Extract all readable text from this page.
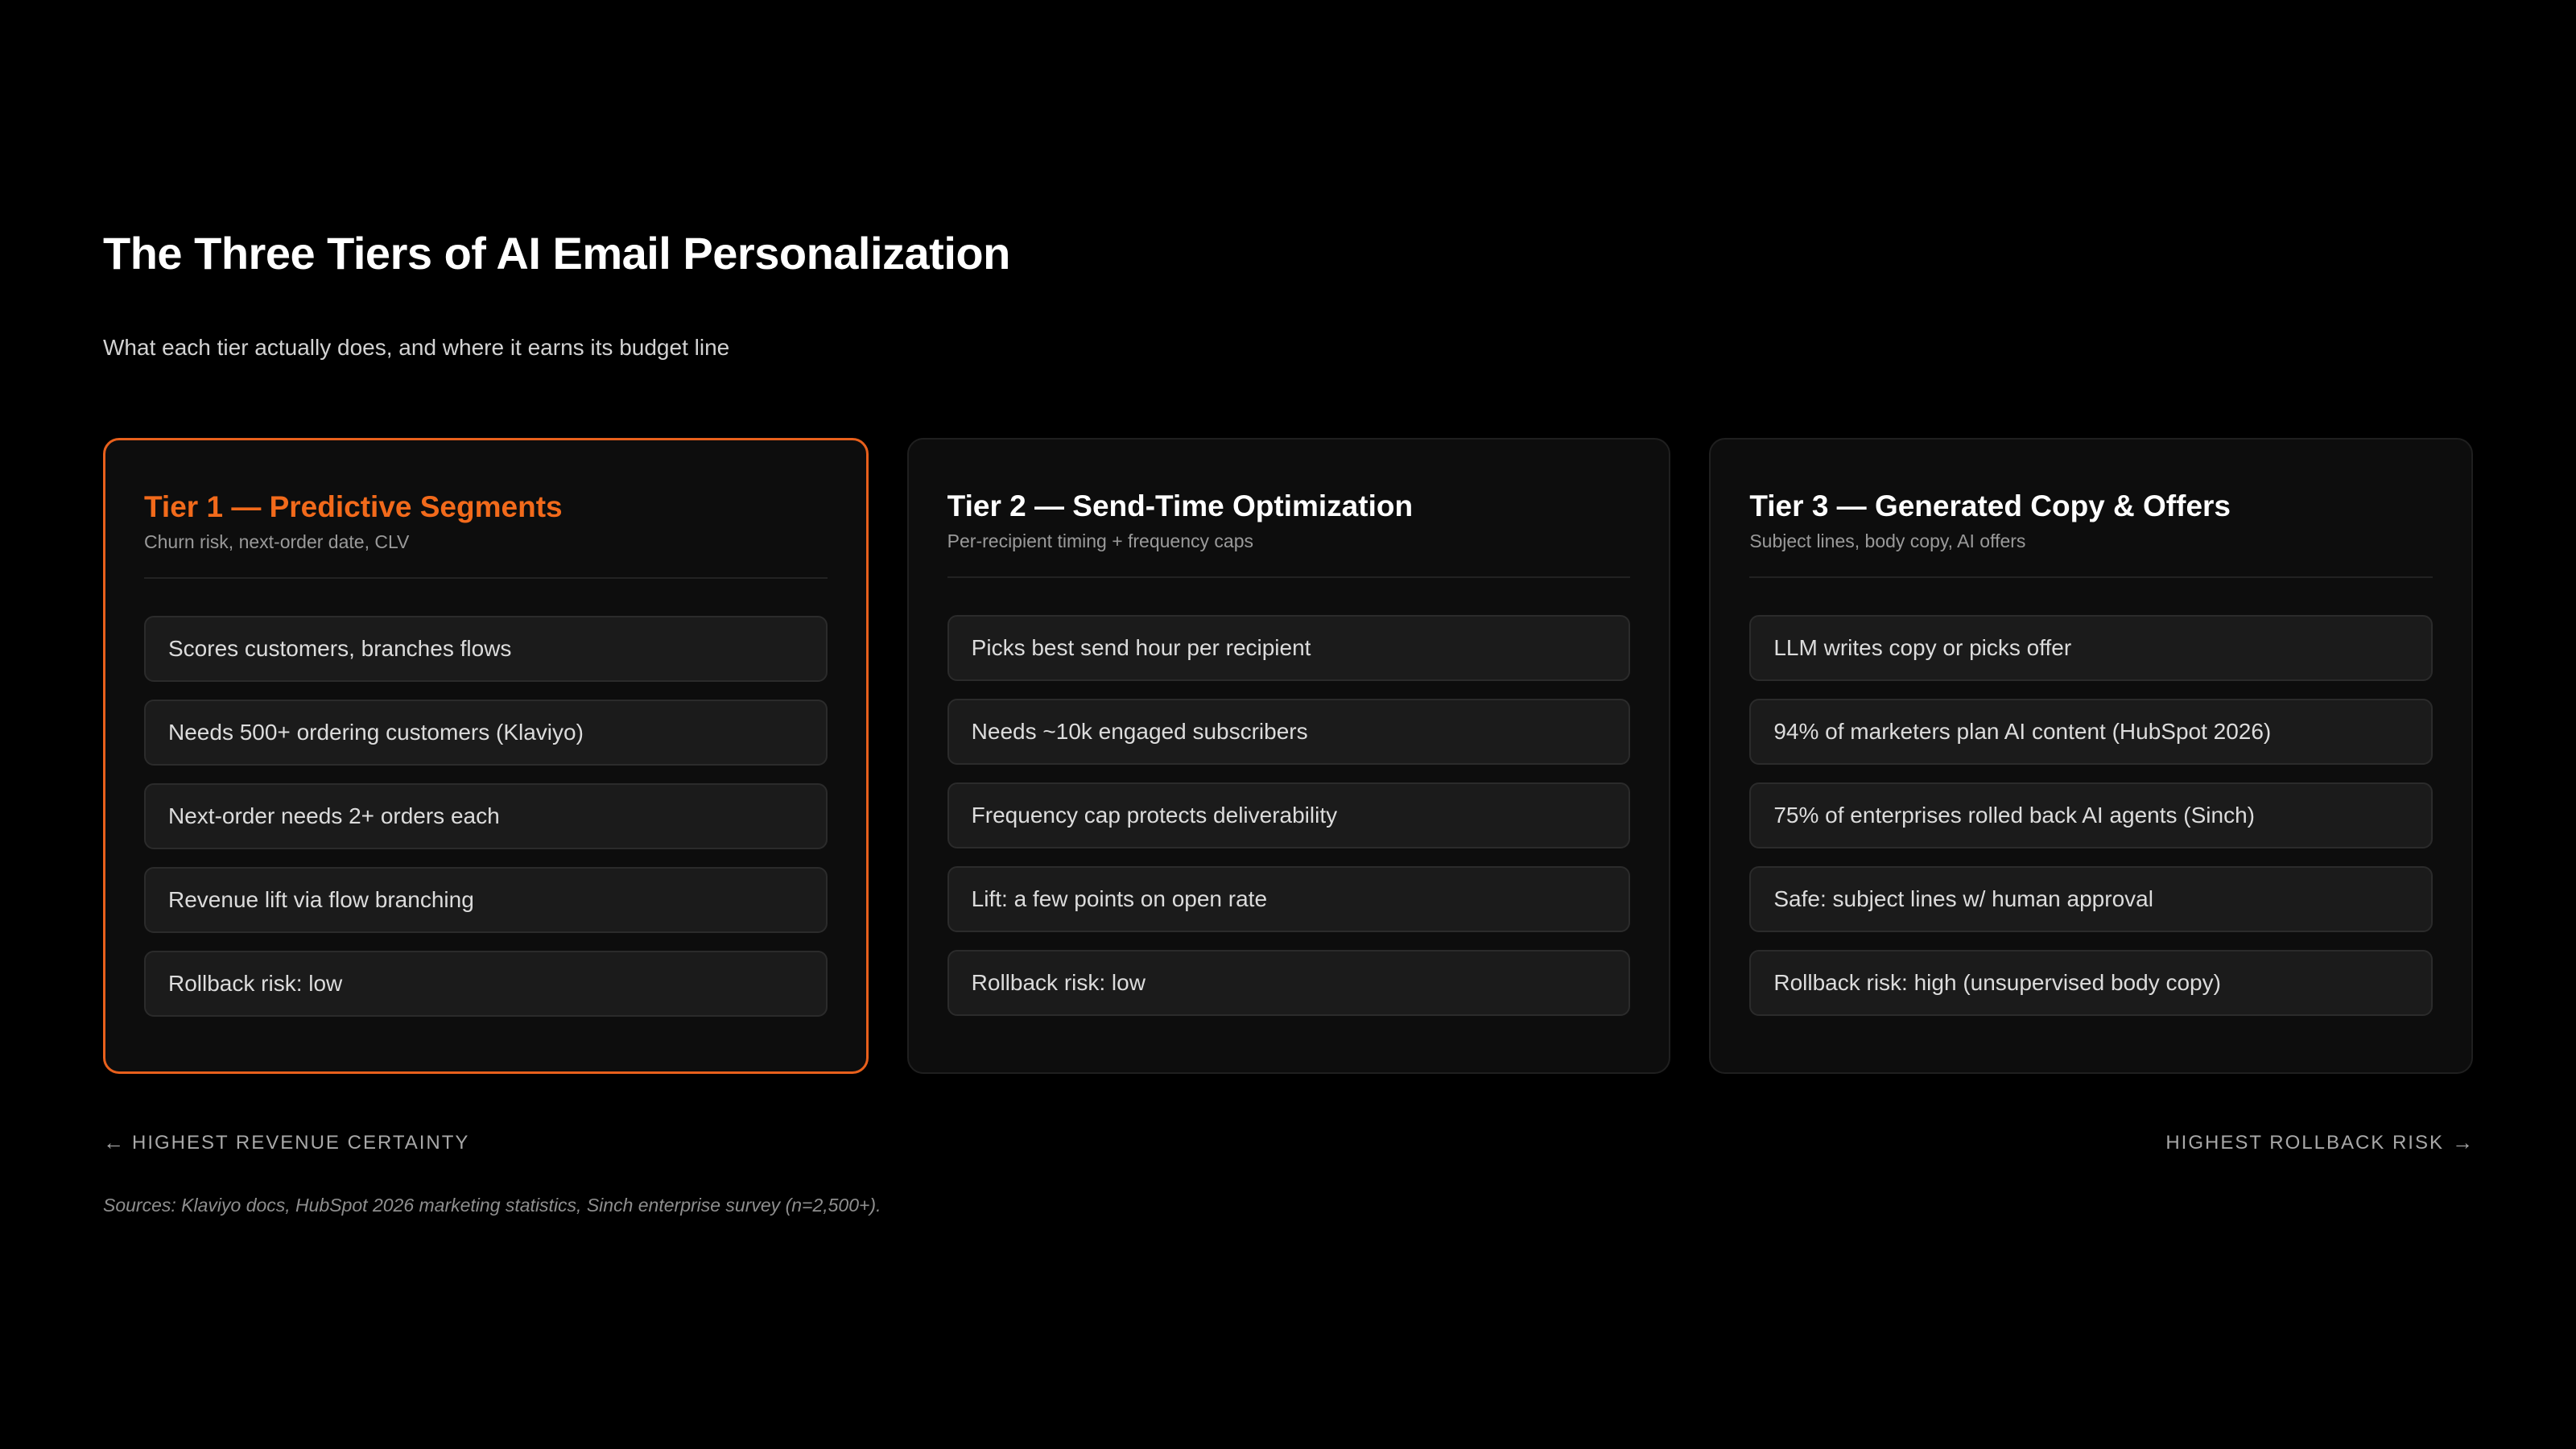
The Three Tiers of AI Email Personalization

What each tier actually does, and where it earns its budget line

Tier 1 — Predictive Segments
Churn risk, next-order date, CLV
Scores customers, branches flows
Needs 500+ ordering customers (Klaviyo)
Next-order needs 2+ orders each
Revenue lift via flow branching
Rollback risk: low
Tier 2 — Send-Time Optimization
Per-recipient timing + frequency caps
Picks best send hour per recipient
Needs ~10k engaged subscribers
Frequency cap protects deliverability
Lift: a few points on open rate
Rollback risk: low
Tier 3 — Generated Copy & Offers
Subject lines, body copy, AI offers
LLM writes copy or picks offer
94% of marketers plan AI content (HubSpot 2026)
75% of enterprises rolled back AI agents (Sinch)
Safe: subject lines w/ human approval
Rollback risk: high (unsupervised body copy)
← HIGHEST REVENUE CERTAINTY	HIGHEST ROLLBACK RISK →

Sources: Klaviyo docs, HubSpot 2026 marketing statistics, Sinch enterprise survey (n=2,500+).
